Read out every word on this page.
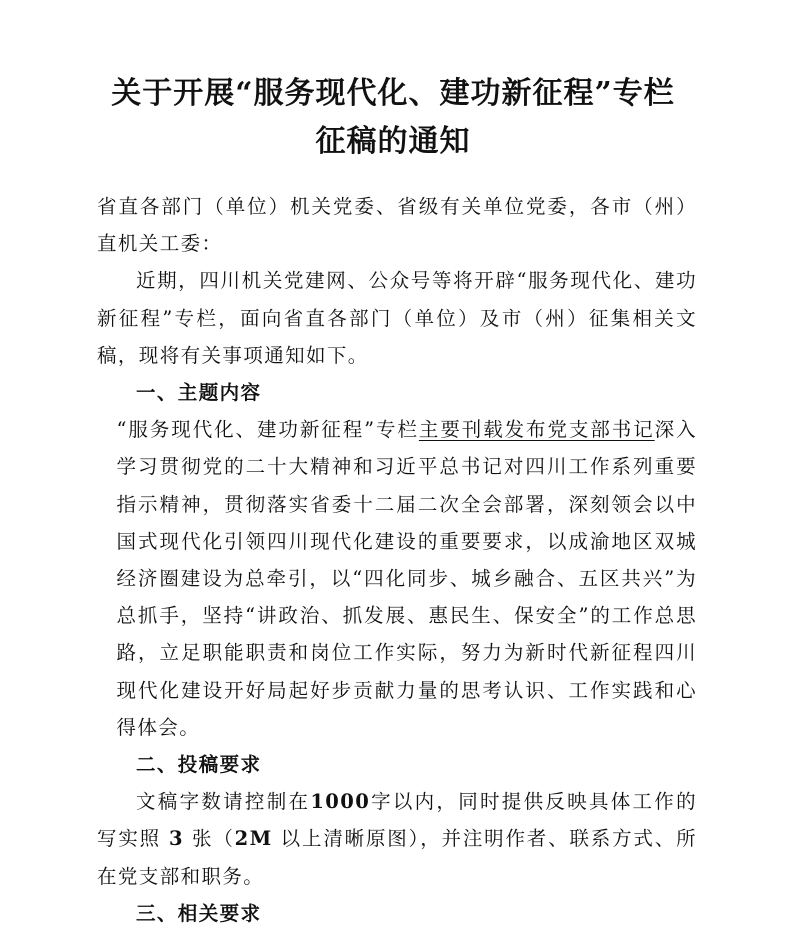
关于开展“服务现代化、建功新征程”专栏
征稿的通知

省直各部门（单位）机关党委、省级有关单位党委，各市（州）直机关工委：

近期，四川机关党建网、公众号等将开辟“服务现代化、建功新征程”专栏，面向省直各部门（单位）及市（州）征集相关文稿，现将有关事项通知如下。

一、主题内容

“服务现代化、建功新征程”专栏主要刊载发布党支部书记深入学习贯彻党的二十大精神和习近平总书记对四川工作系列重要指示精神，贯彻落实省委十二届二次全会部署，深刻领会以中国式现代化引领四川现代化建设的重要要求，以成渝地区双城经济圈建设为总牵引，以“四化同步、城乡融合、五区共兴”为总抓手，坚持“讲政治、抓发展、惠民生、保安全”的工作总思路，立足职能职责和岗位工作实际，努力为新时代新征程四川现代化建设开好局起好步贡献力量的思考认识、工作实践和心得体会。

二、投稿要求

文稿字数请控制在1000字以内，同时提供反映具体工作的写实照 3 张（2M 以上清晰原图），并注明作者、联系方式、所在党支部和职务。

三、相关要求
